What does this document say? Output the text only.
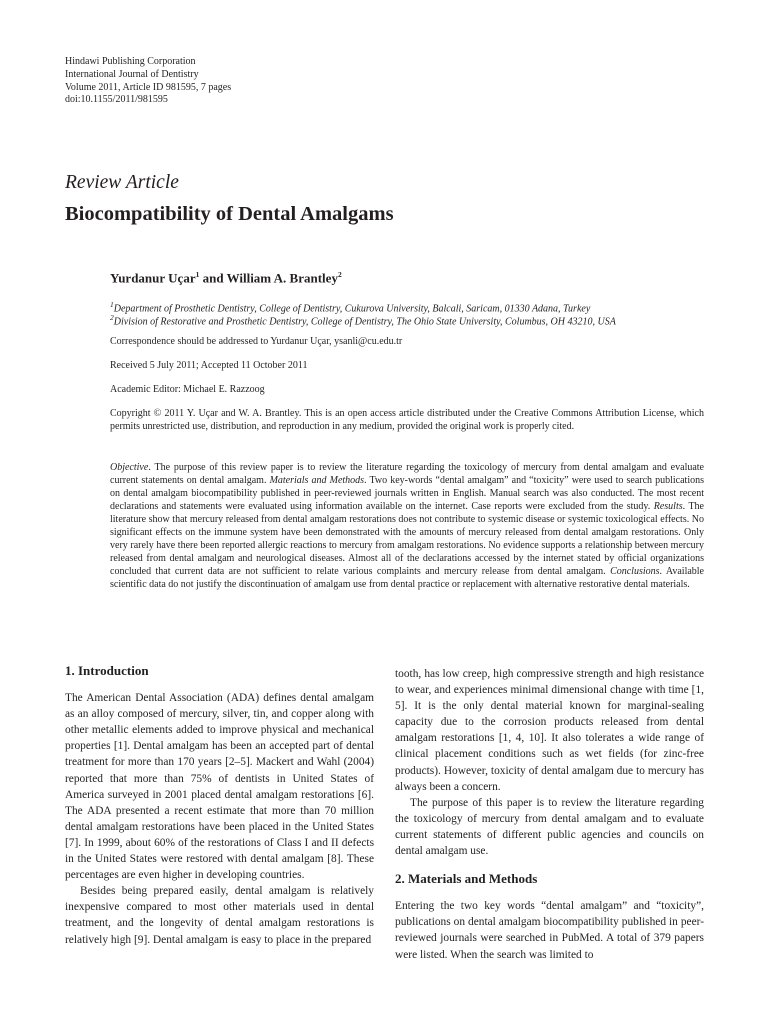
Hindawi Publishing Corporation
International Journal of Dentistry
Volume 2011, Article ID 981595, 7 pages
doi:10.1155/2011/981595
Review Article
Biocompatibility of Dental Amalgams
Yurdanur Uçar$^1$ and William A. Brantley$^2$
$^1$Department of Prosthetic Dentistry, College of Dentistry, Cukurova University, Balcali, Saricam, 01330 Adana, Turkey
$^2$Division of Restorative and Prosthetic Dentistry, College of Dentistry, The Ohio State University, Columbus, OH 43210, USA
Correspondence should be addressed to Yurdanur Uçar, ysanli@cu.edu.tr
Received 5 July 2011; Accepted 11 October 2011
Academic Editor: Michael E. Razzoog
Copyright © 2011 Y. Uçar and W. A. Brantley. This is an open access article distributed under the Creative Commons Attribution License, which permits unrestricted use, distribution, and reproduction in any medium, provided the original work is properly cited.
Objective. The purpose of this review paper is to review the literature regarding the toxicology of mercury from dental amalgam and evaluate current statements on dental amalgam. Materials and Methods. Two key-words “dental amalgam” and “toxicity” were used to search publications on dental amalgam biocompatibility published in peer-reviewed journals written in English. Manual search was also conducted. The most recent declarations and statements were evaluated using information available on the internet. Case reports were excluded from the study. Results. The literature show that mercury released from dental amalgam restorations does not contribute to systemic disease or systemic toxicological effects. No significant effects on the immune system have been demonstrated with the amounts of mercury released from dental amalgam restorations. Only very rarely have there been reported allergic reactions to mercury from amalgam restorations. No evidence supports a relationship between mercury released from dental amalgam and neurological diseases. Almost all of the declarations accessed by the internet stated by official organizations concluded that current data are not sufficient to relate various complaints and mercury release from dental amalgam. Conclusions. Available scientific data do not justify the discontinuation of amalgam use from dental practice or replacement with alternative restorative dental materials.
1. Introduction

The American Dental Association (ADA) defines dental amalgam as an alloy composed of mercury, silver, tin, and copper along with other metallic elements added to improve physical and mechanical properties [1]. Dental amalgam has been an accepted part of dental treatment for more than 170 years [2–5]. Mackert and Wahl (2004) reported that more than 75% of dentists in United States of America surveyed in 2001 placed dental amalgam restorations [6]. The ADA presented a recent estimate that more than 70 million dental amalgam restorations have been placed in the United States [7]. In 1999, about 60% of the restorations of Class I and II defects in the United States were restored with dental amalgam [8]. These percentages are even higher in developing countries.

Besides being prepared easily, dental amalgam is relatively inexpensive compared to most other materials used in dental treatment, and the longevity of dental amalgam restorations is relatively high [9]. Dental amalgam is easy to place in the prepared

tooth, has low creep, high compressive strength and high resistance to wear, and experiences minimal dimensional change with time [1, 5]. It is the only dental material known for marginal-sealing capacity due to the corrosion products released from dental amalgam restorations [1, 4, 10]. It also tolerates a wide range of clinical placement conditions such as wet fields (for zinc-free products). However, toxicity of dental amalgam due to mercury has always been a concern.

The purpose of this paper is to review the literature regarding the toxicology of mercury from dental amalgam and to evaluate current statements of different public agencies and councils on dental amalgam use.

2. Materials and Methods

Entering the two key words “dental amalgam” and “toxicity”, publications on dental amalgam biocompatibility published in peer-reviewed journals were searched in PubMed. A total of 379 papers were listed. When the search was limited to
